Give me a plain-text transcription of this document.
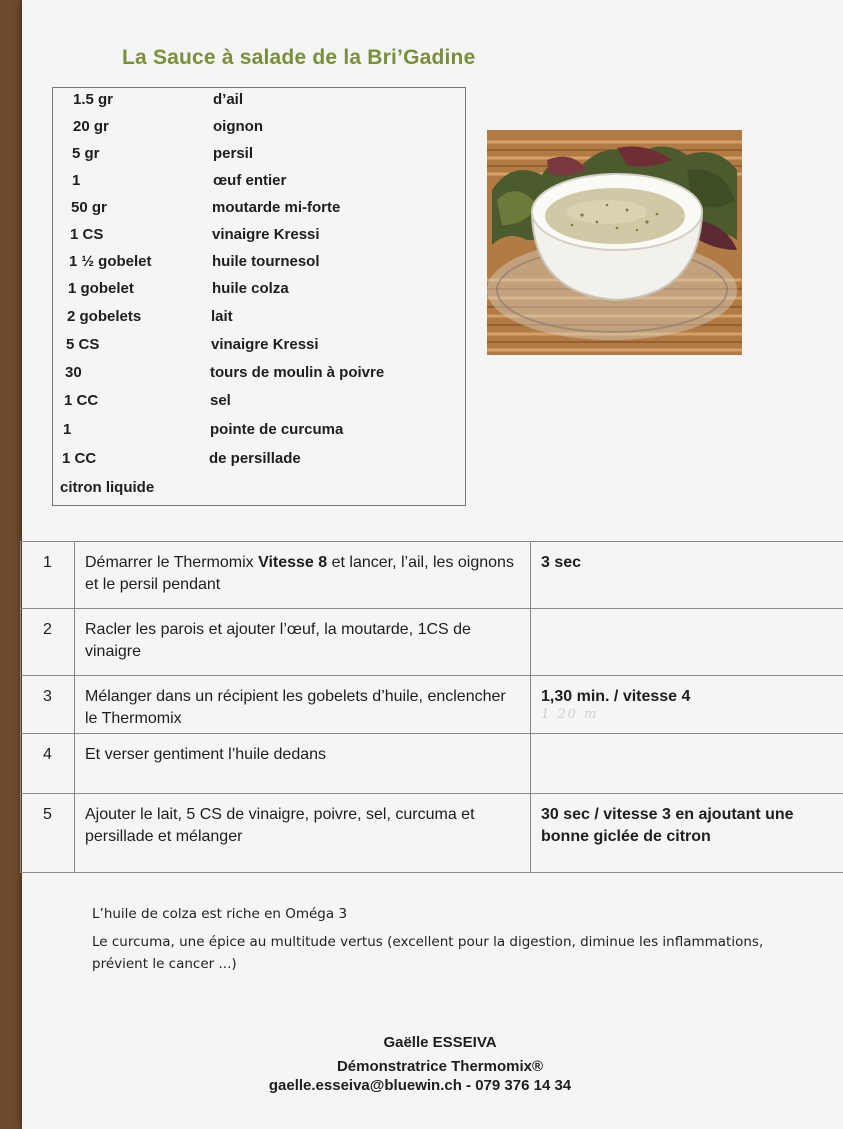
La Sauce à salade de la Bri’Gadine
1.5 gr	d’ail
20 gr	oignon
5 gr	persil
1	œuf entier
50 gr	moutarde mi-forte
1 CS	vinaigre Kressi
1 ½ gobelet	huile tournesol
1 gobelet	huile colza
2 gobelets	lait
5 CS	vinaigre Kressi
30	tours de moulin à poivre
1 CC	sel
1	pointe de curcuma
1 CC	de persillade
citron liquide
1	Démarrer le Thermomix Vitesse 8 et lancer, l’ail, les oignons et le persil pendant	3 sec
2	Racler les parois et ajouter l’œuf, la moutarde, 1CS de vinaigre	
3	Mélanger dans un récipient les gobelets d’huile, enclencher le Thermomix	1,30 min. / vitesse 4
1 20 m

4	Et verser gentiment l’huile dedans	
5	Ajouter le lait, 5 CS de vinaigre, poivre, sel, curcuma et persillade et mélanger	30 sec / vitesse 3 en ajoutant une bonne giclée de citron
L’huile de colza est riche en Oméga 3
Le curcuma, une épice au multitude vertus (excellent pour la digestion, diminue les inflammations, prévient le cancer ...)
Gaëlle ESSEIVA
Démonstratrice Thermomix®
gaelle.esseiva@bluewin.ch - 079 376 14 34
